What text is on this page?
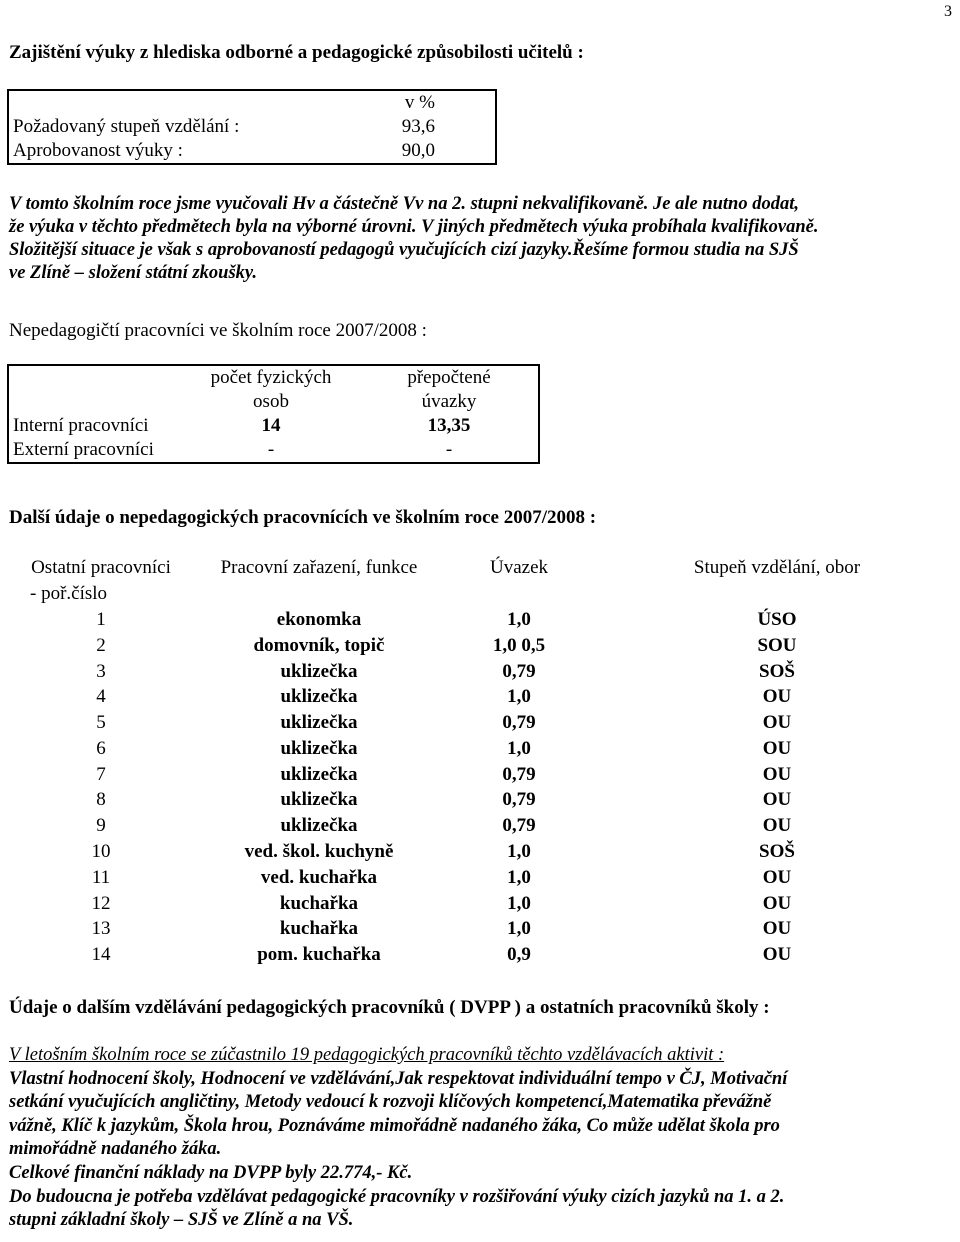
3
Zajištění výuky z hlediska odborné a pedagogické způsobilosti učitelů :
	v %
Požadovaný stupeň vzdělání :	93,6
Aprobovanost výuky :	90,0
V tomto školním roce jsme vyučovali Hv a částečně Vv na 2. stupni nekvalifikovaně. Je ale nutno dodat,
že výuka v těchto předmětech byla na výborné úrovni. V jiných předmětech výuka probíhala kvalifikovaně.
Složitější situace je však s aprobovaností pedagogů vyučujících cizí jazyky.Řešíme formou studia na SJŠ
ve Zlíně – složení státní zkoušky.
Nepedagogičtí pracovníci ve školním roce 2007/2008 :
	počet fyzických	přepočtené
	osob	úvazky
Interní pracovníci	14	13,35
Externí pracovníci	-	-
Další údaje o nepedagogických pracovnících ve školním roce 2007/2008 :
Ostatní pracovníci	Pracovní zařazení, funkce	Úvazek	Stupeň vzdělání, obor
- poř.číslo			
1	ekonomka	1,0	ÚSO
2	domovník, topič	1,0 0,5	SOU
3	uklizečka	0,79	SOŠ
4	uklizečka	1,0	OU
5	uklizečka	0,79	OU
6	uklizečka	1,0	OU
7	uklizečka	0,79	OU
8	uklizečka	0,79	OU
9	uklizečka	0,79	OU
10	ved. škol. kuchyně	1,0	SOŠ
11	ved. kuchařka	1,0	OU
12	kuchařka	1,0	OU
13	kuchařka	1,0	OU
14	pom. kuchařka	0,9	OU
Údaje o dalším vzdělávání pedagogických pracovníků ( DVPP ) a ostatních pracovníků školy :
V letošním školním roce se zúčastnilo 19 pedagogických pracovníků těchto vzdělávacích aktivit :
Vlastní hodnocení školy, Hodnocení ve vzdělávání,Jak respektovat individuální tempo v ČJ, Motivační
setkání vyučujících angličtiny, Metody vedoucí k rozvoji klíčových kompetencí,Matematika převážně
vážně, Klíč k jazykům, Škola hrou, Poznáváme mimořádně nadaného žáka, Co může udělat škola pro
mimořádně nadaného žáka.
Celkové finanční náklady na DVPP byly 22.774,- Kč.
Do budoucna je potřeba vzdělávat pedagogické pracovníky v rozšiřování výuky cizích jazyků na 1. a 2.
stupni základní školy – SJŠ ve Zlíně a na VŠ.
